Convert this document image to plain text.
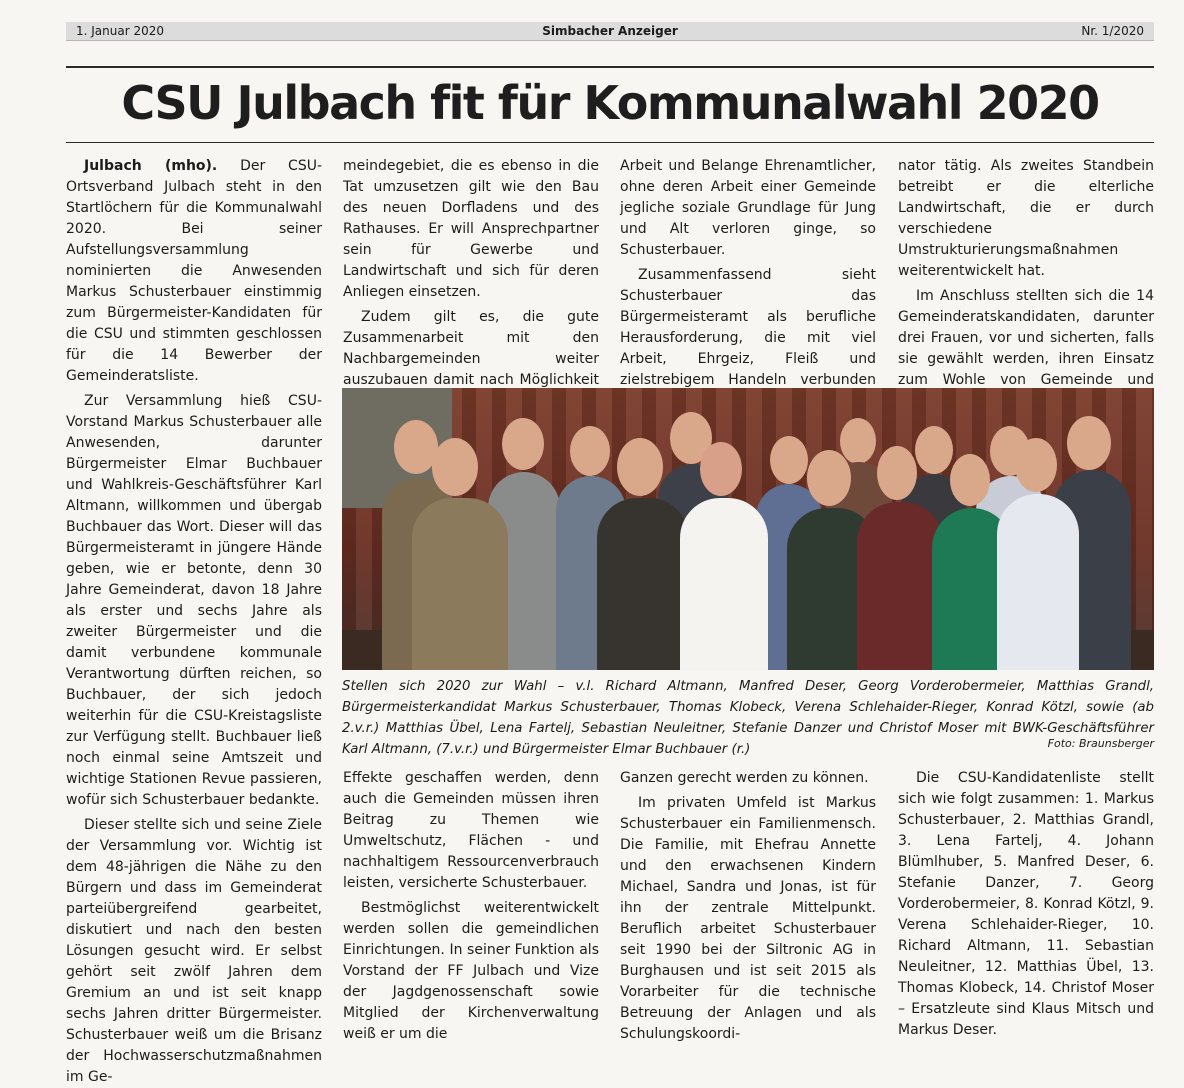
1. Januar 2020	Simbacher Anzeiger	Nr. 1/2020
CSU Julbach fit für Kommunalwahl 2020

Julbach (mho). Der CSU-Ortsverband Julbach steht in den Startlöchern für die Kommunalwahl 2020. Bei seiner Aufstellungsversammlung nominierten die Anwesenden Markus Schusterbauer einstimmig zum Bürgermeister-Kandidaten für die CSU und stimmten geschlossen für die 14 Bewerber der Gemeinderatsliste.

Zur Versammlung hieß CSU-Vorstand Markus Schusterbauer alle Anwesenden, darunter Bürgermeister Elmar Buchbauer und Wahlkreis-Geschäftsführer Karl Altmann, willkommen und übergab Buchbauer das Wort. Dieser will das Bürgermeisteramt in jüngere Hände geben, wie er betonte, denn 30 Jahre Gemeinderat, davon 18 Jahre als erster und sechs Jahre als zweiter Bürgermeister und die damit verbundene kommunale Verantwortung dürften reichen, so Buchbauer, der sich jedoch weiterhin für die CSU-Kreistagsliste zur Verfügung stellt. Buchbauer ließ noch einmal seine Amtszeit und wichtige Stationen Revue passieren, wofür sich Schusterbauer bedankte.

Dieser stellte sich und seine Ziele der Versammlung vor. Wichtig ist dem 48-jährigen die Nähe zu den Bürgern und dass im Gemeinderat parteiübergreifend gearbeitet, diskutiert und nach den besten Lösungen gesucht wird. Er selbst gehört seit zwölf Jahren dem Gremium an und ist seit knapp sechs Jahren dritter Bürgermeister. Schusterbauer weiß um die Brisanz der Hochwasserschutzmaßnahmen im Ge-

meindegebiet, die es ebenso in die Tat umzusetzen gilt wie den Bau des neuen Dorfladens und des Rathauses. Er will Ansprechpartner sein für Gewerbe und Landwirtschaft und sich für deren Anliegen einsetzen.

Zudem gilt es, die gute Zusammenarbeit mit den Nachbargemeinden weiter auszubauen damit nach Möglichkeit

Arbeit und Belange Ehrenamtlicher, ohne deren Arbeit einer Gemeinde jegliche soziale Grundlage für Jung und Alt verloren ginge, so Schusterbauer.

Zusammenfassend sieht Schusterbauer das Bürgermeisteramt als berufliche Herausforderung, die mit viel Arbeit, Ehrgeiz, Fleiß und zielstrebigem Handeln verbunden

nator tätig. Als zweites Standbein betreibt er die elterliche Landwirtschaft, die er durch verschiedene Umstrukturierungsmaßnahmen weiterentwickelt hat.

Im Anschluss stellten sich die 14 Gemeinderatskandidaten, darunter drei Frauen, vor und sicherten, falls sie gewählt werden, ihren Einsatz zum Wohle von Gemeinde und

Stellen sich 2020 zur Wahl – v.l. Richard Altmann, Manfred Deser, Georg Vorderobermeier, Matthias Grandl, Bürgermeisterkandidat Markus Schusterbauer, Thomas Klobeck, Verena Schlehaider-Rieger, Konrad Kötzl, sowie (ab 2.v.r.) Matthias Übel, Lena Fartelj, Sebastian Neuleitner, Stefanie Danzer und Christof Moser mit BWK-Geschäftsführer Karl Altmann, (7.v.r.) und Bürgermeister Elmar Buchbauer (r.)	Foto: Braunsberger

Effekte geschaffen werden, denn auch die Gemeinden müssen ihren Beitrag zu Themen wie Umweltschutz, Flächen - und nachhaltigem Ressourcenverbrauch leisten, versicherte Schusterbauer.

Bestmöglichst weiterentwickelt werden sollen die gemeindlichen Einrichtungen. In seiner Funktion als Vorstand der FF Julbach und Vize der Jagdgenossenschaft sowie Mitglied der Kirchenverwaltung weiß er um die

Ganzen gerecht werden zu können.

Im privaten Umfeld ist Markus Schusterbauer ein Familienmensch. Die Familie, mit Ehefrau Annette und den erwachsenen Kindern Michael, Sandra und Jonas, ist für ihn der zentrale Mittelpunkt. Beruflich arbeitet Schusterbauer seit 1990 bei der Siltronic AG in Burghausen und ist seit 2015 als Vorarbeiter für die technische Betreuung der Anlagen und als Schulungskoordi-

Die CSU-Kandidatenliste stellt sich wie folgt zusammen: 1. Markus Schusterbauer, 2. Matthias Grandl, 3. Lena Fartelj, 4. Johann Blümlhuber, 5. Manfred Deser, 6. Stefanie Danzer, 7. Georg Vorderobermeier, 8. Konrad Kötzl, 9. Verena Schlehaider-Rieger, 10. Richard Altmann, 11. Sebastian Neuleitner, 12. Matthias Übel, 13. Thomas Klobeck, 14. Christof Moser – Ersatzleute sind Klaus Mitsch und Markus Deser.
